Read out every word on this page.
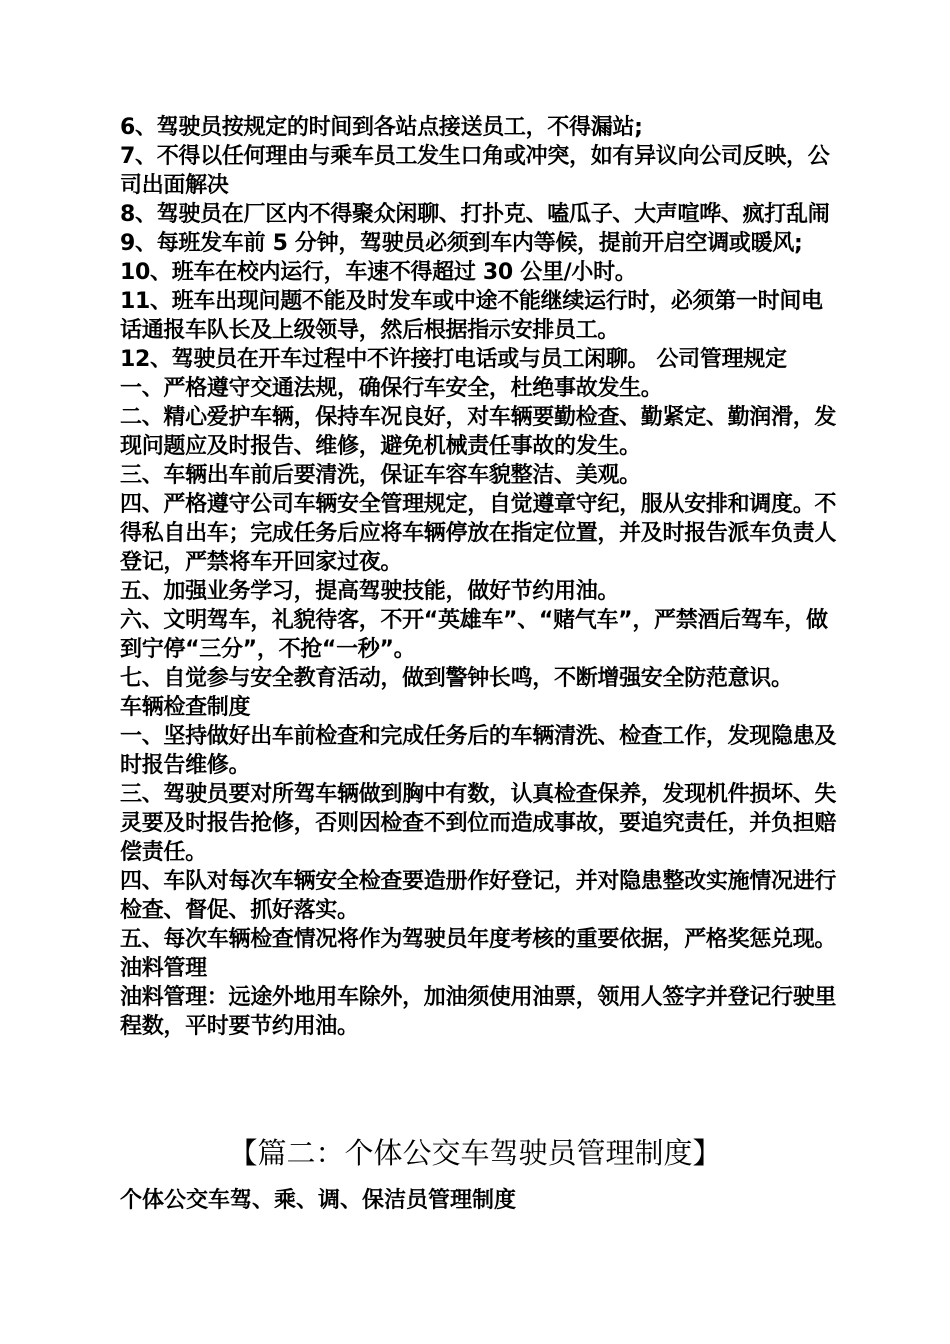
6、驾驶员按规定的时间到各站点接送员工，不得漏站;

7、不得以任何理由与乘车员工发生口角或冲突，如有异议向公司反映，公司出面解决

8、驾驶员在厂区内不得聚众闲聊、打扑克、嗑瓜子、大声喧哗、疯打乱闹

9、每班发车前 5 分钟，驾驶员必须到车内等候，提前开启空调或暖风;

10、班车在校内运行，车速不得超过 30 公里/小时。

11、班车出现问题不能及时发车或中途不能继续运行时，必须第一时间电话通报车队长及上级领导，然后根据指示安排员工。

12、驾驶员在开车过程中不许接打电话或与员工闲聊。 公司管理规定

一、严格遵守交通法规，确保行车安全，杜绝事故发生。

二、精心爱护车辆，保持车况良好，对车辆要勤检查、勤紧定、勤润滑，发现问题应及时报告、维修，避免机械责任事故的发生。

三、车辆出车前后要清洗，保证车容车貌整洁、美观。

四、严格遵守公司车辆安全管理规定，自觉遵章守纪，服从安排和调度。不得私自出车；完成任务后应将车辆停放在指定位置，并及时报告派车负责人登记，严禁将车开回家过夜。

五、加强业务学习，提高驾驶技能，做好节约用油。

六、文明驾车，礼貌待客，不开“英雄车”、“赌气车”，严禁酒后驾车，做到宁停“三分”，不抢“一秒”。

七、自觉参与安全教育活动，做到警钟长鸣，不断增强安全防范意识。

车辆检查制度

一、坚持做好出车前检查和完成任务后的车辆清洗、检查工作，发现隐患及时报告维修。

三、驾驶员要对所驾车辆做到胸中有数，认真检查保养，发现机件损坏、失灵要及时报告抢修，否则因检查不到位而造成事故，要追究责任，并负担赔偿责任。

四、车队对每次车辆安全检查要造册作好登记，并对隐患整改实施情况进行检查、督促、抓好落实。

五、每次车辆检查情况将作为驾驶员年度考核的重要依据，严格奖惩兑现。

油料管理

油料管理：远途外地用车除外，加油须使用油票，领用人签字并登记行驶里程数，平时要节约用油。

【篇二：个体公交车驾驶员管理制度】
个体公交车驾、乘、调、保洁员管理制度
